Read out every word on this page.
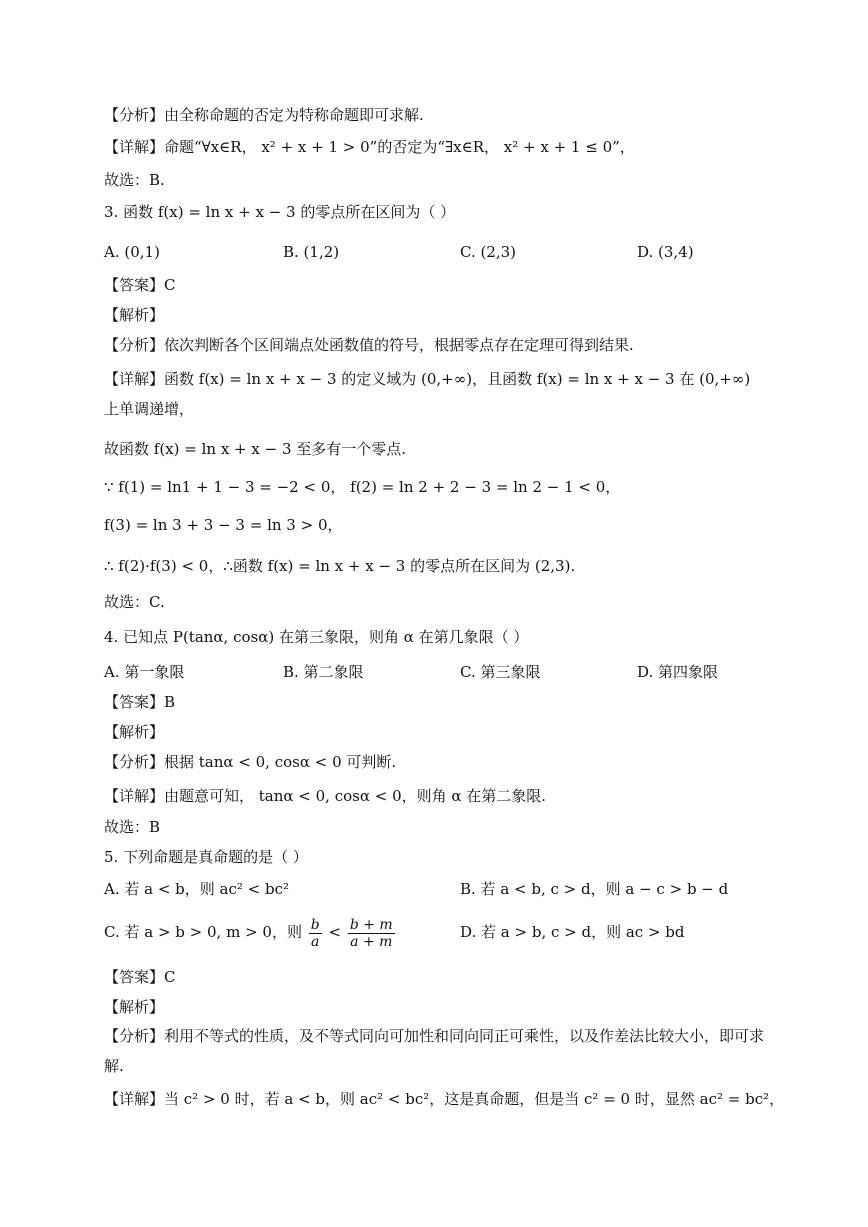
【分析】由全称命题的否定为特称命题即可求解.
【详解】命题“∀x∈R， x² + x + 1 > 0”的否定为“∃x∈R， x² + x + 1 ≤ 0”，
故选：B.
3. 函数 f(x) = ln x + x − 3 的零点所在区间为（ ）
A. (0,1)	B. (1,2)	C. (2,3)	D. (3,4)
【答案】C
【解析】
【分析】依次判断各个区间端点处函数值的符号，根据零点存在定理可得到结果.
【详解】函数 f(x) = ln x + x − 3 的定义域为 (0,+∞)，且函数 f(x) = ln x + x − 3 在 (0,+∞) 上单调递增，
故函数 f(x) = ln x + x − 3 至多有一个零点.
∵ f(1) = ln1 + 1 − 3 = −2 < 0， f(2) = ln 2 + 2 − 3 = ln 2 − 1 < 0，
f(3) = ln 3 + 3 − 3 = ln 3 > 0，
∴ f(2)·f(3) < 0，∴函数 f(x) = ln x + x − 3 的零点所在区间为 (2,3).
故选：C.
4. 已知点 P(tanα, cosα) 在第三象限，则角 α 在第几象限（ ）
A. 第一象限	B. 第二象限	C. 第三象限	D. 第四象限
【答案】B
【解析】
【分析】根据 tanα < 0, cosα < 0 可判断.
【详解】由题意可知， tanα < 0, cosα < 0，则角 α 在第二象限.
故选：B
5. 下列命题是真命题的是（ ）
A. 若 a < b，则 ac² < bc²	B. 若 a < b, c > d，则 a − c > b − d
C. 若 a > b > 0, m > 0，则 $\frac{b}{a} < \frac{b + m}{a + m}$	D. 若 a > b, c > d，则 ac > bd
【答案】C
【解析】
【分析】利用不等式的性质，及不等式同向可加性和同向同正可乘性，以及作差法比较大小，即可求解.
【详解】当 c² > 0 时，若 a < b，则 ac² < bc²，这是真命题，但是当 c² = 0 时，显然 ac² = bc²，
